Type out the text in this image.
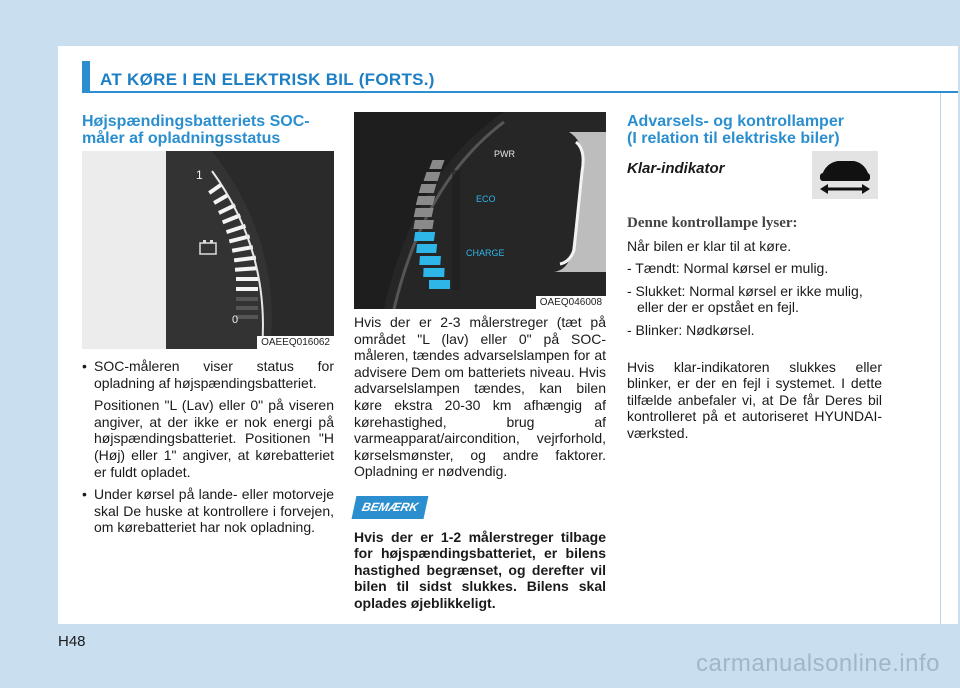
AT KØRE I EN ELEKTRISK BIL (FORTS.)
Højspændingsbatteriets SOC-måler af opladningsstatus
1
0
OAEEQ016062
• SOC-måleren viser status for opladning af højspændingsbatteriet.
Positionen "L (Lav) eller 0" på viseren angiver, at der ikke er nok energi på højspændingsbatteriet. Positionen "H (Høj) eller 1" angiver, at kørebatteriet er fuldt opladet.
• Under kørsel på lande- eller motorveje skal De huske at kontrollere i forvejen, om kørebatteriet har nok opladning.
PWR
ECO
CHARGE
OAEQ046008
Hvis der er 2-3 målerstreger (tæt på området "L (lav) eller 0" på SOC-måleren, tændes advarselslampen for at advisere Dem om batteriets niveau. Hvis advarselslampen tændes, kan bilen køre ekstra 20-30 km afhængig af kørehastighed, brug af varmeapparat/aircondition, vejrforhold, kørselsmønster, og andre faktorer. Opladning er nødvendig.
BEMÆRK
Hvis der er 1-2 målerstreger tilbage for højspændingsbatteriet, er bilens hastighed begrænset, og derefter vil bilen til sidst slukkes. Bilens skal oplades øjeblikkeligt.
Advarsels- og kontrollamper
(I relation til elektriske biler)
Klar-indikator
Denne kontrollampe lyser:
Når bilen er klar til at køre.
- Tændt: Normal kørsel er mulig.
- Slukket: Normal kørsel er ikke mulig, eller der er opstået en fejl.
- Blinker: Nødkørsel.
Hvis klar-indikatoren slukkes eller blinker, er der en fejl i systemet. I dette tilfælde anbefaler vi, at De får Deres bil kontrolleret på et autoriseret HYUNDAI-værksted.
H48
carmanualsonline.info
